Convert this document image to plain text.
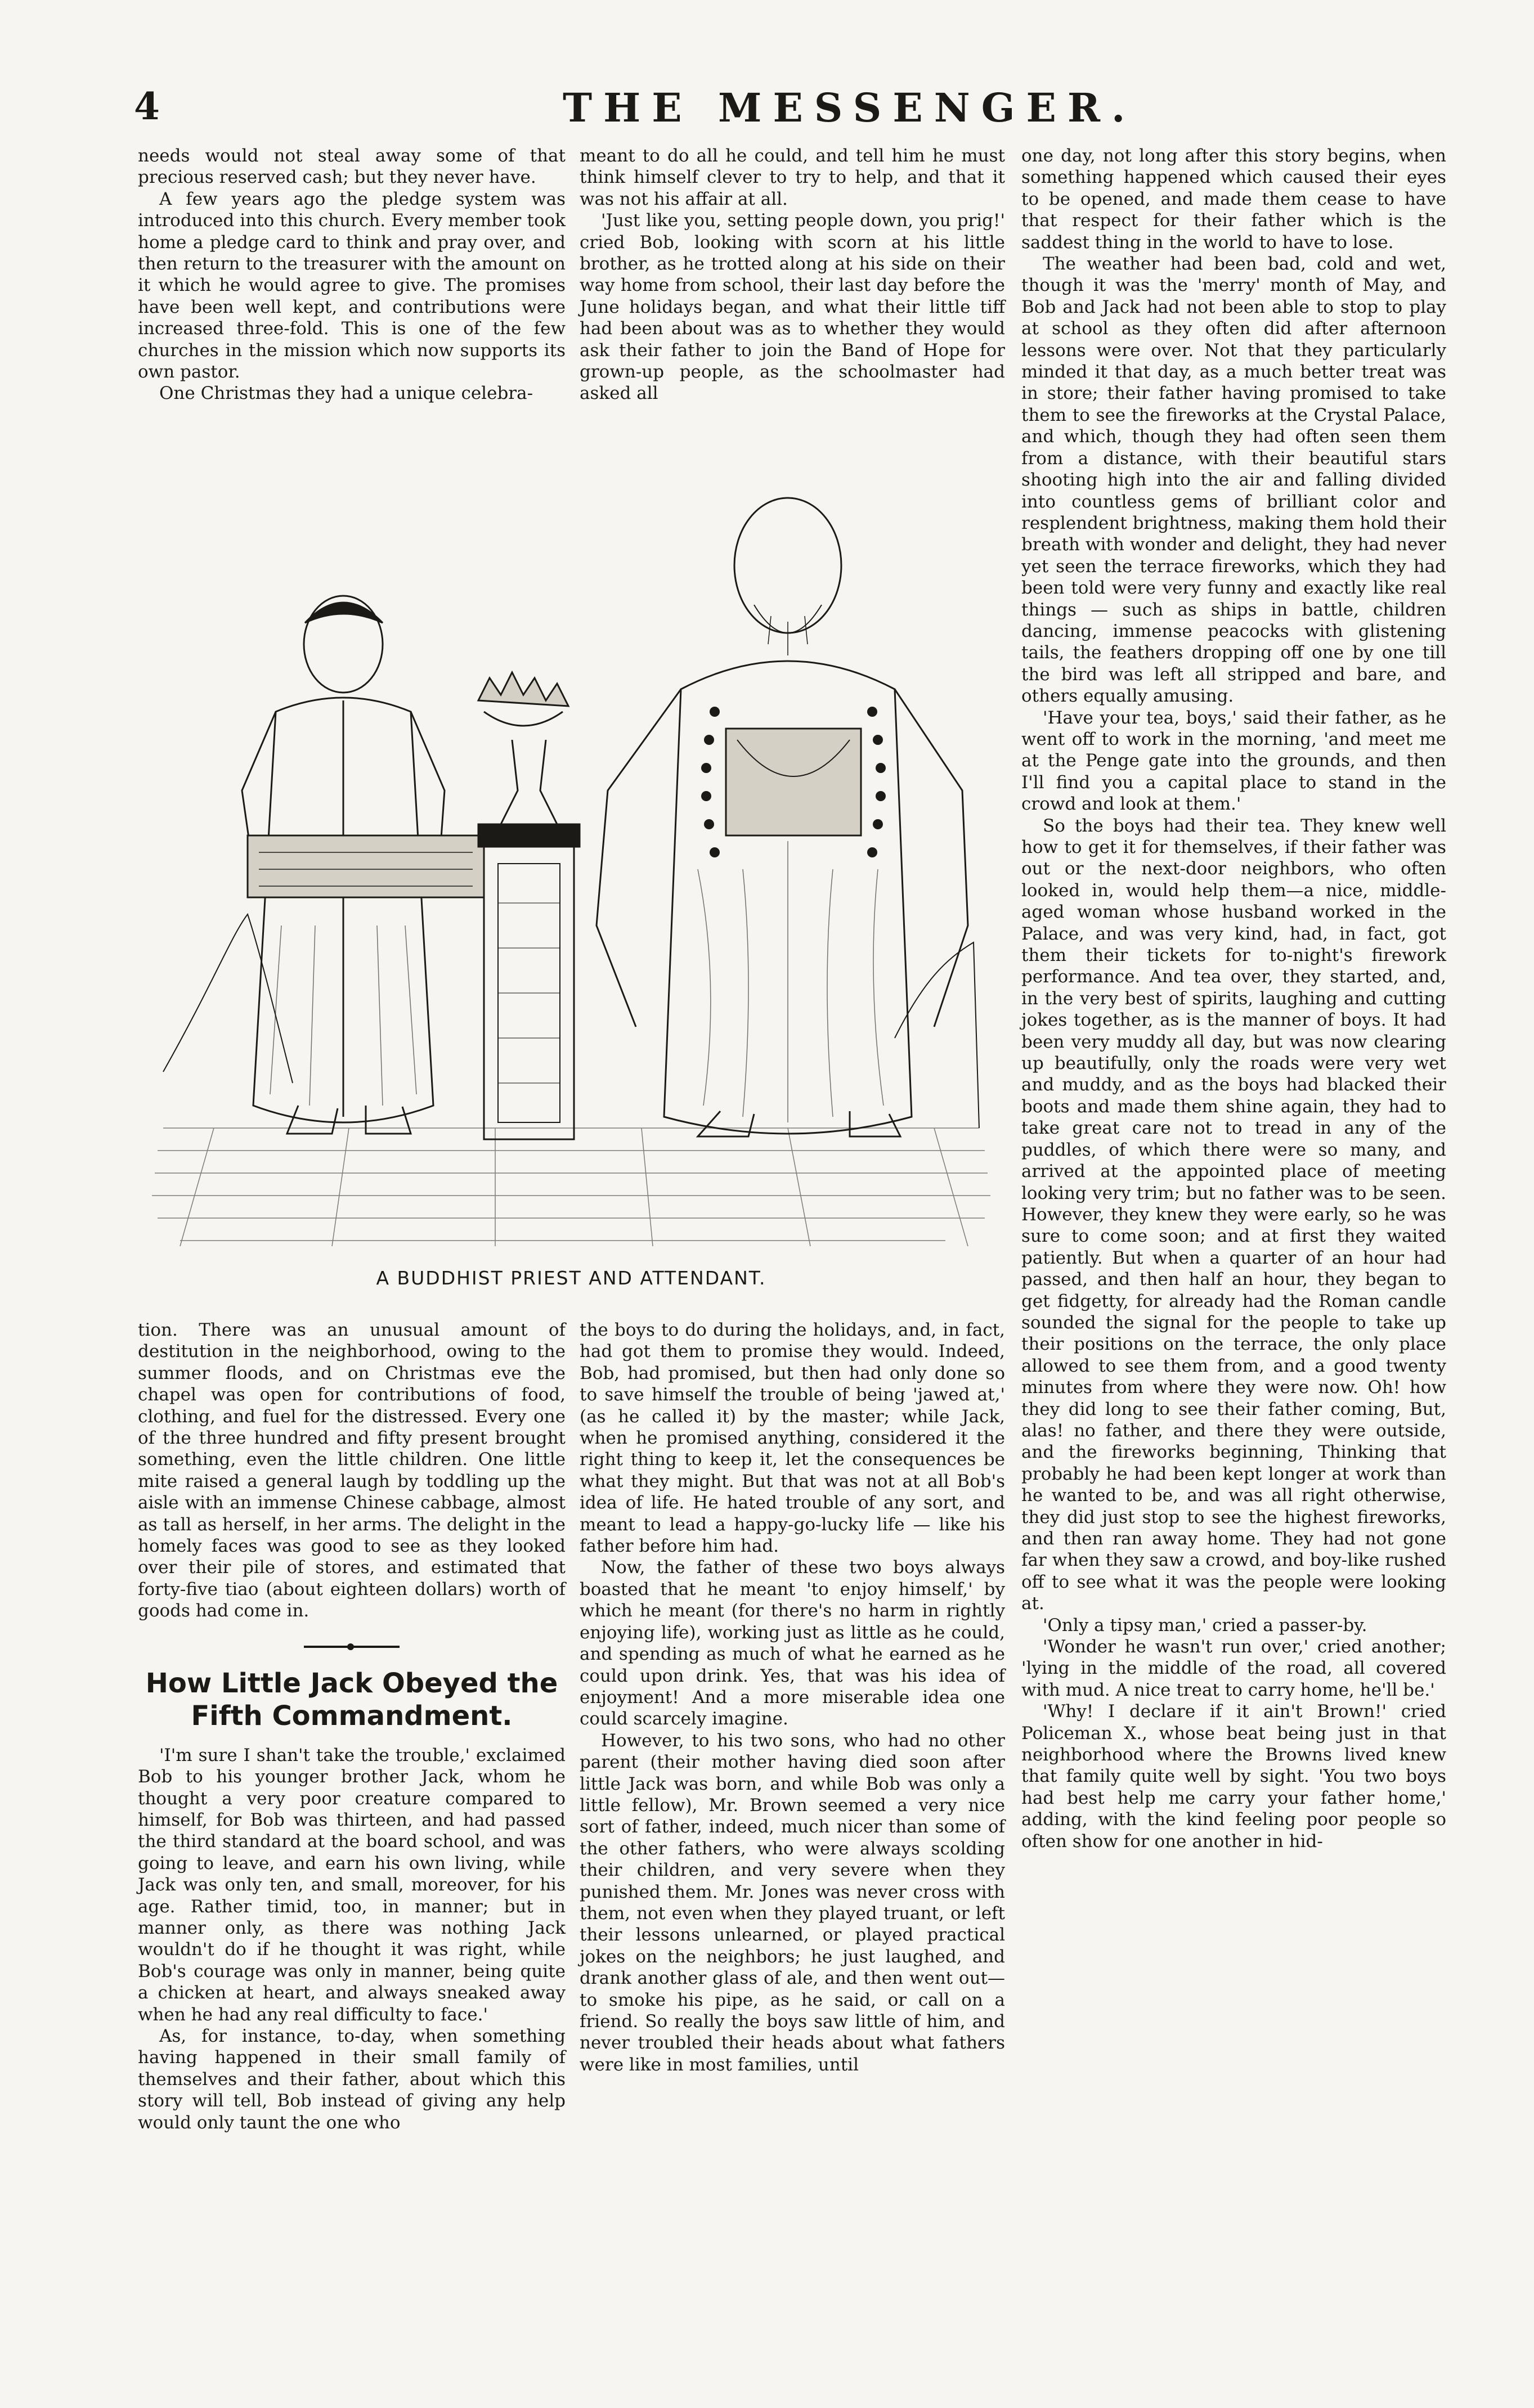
4	THE MESSENGER.

needs would not steal away some of that precious reserved cash; but they never have.

A few years ago the pledge system was introduced into this church. Every member took home a pledge card to think and pray over, and then return to the treasurer with the amount on it which he would agree to give. The promises have been well kept, and contributions were increased three-fold. This is one of the few churches in the mission which now supports its own pastor.

One Christmas they had a unique celebra-

meant to do all he could, and tell him he must think himself clever to try to help, and that it was not his affair at all.

'Just like you, setting people down, you prig!' cried Bob, looking with scorn at his little brother, as he trotted along at his side on their way home from school, their last day before the June holidays began, and what their little tiff had been about was as to whether they would ask their father to join the Band of Hope for grown-up people, as the schoolmaster had asked all

A BUDDHIST PRIEST AND ATTENDANT.

tion. There was an unusual amount of destitution in the neighborhood, owing to the summer floods, and on Christmas eve the chapel was open for contributions of food, clothing, and fuel for the distressed. Every one of the three hundred and fifty present brought something, even the little children. One little mite raised a general laugh by toddling up the aisle with an immense Chinese cabbage, almost as tall as herself, in her arms. The delight in the homely faces was good to see as they looked over their pile of stores, and estimated that forty-five tiao (about eighteen dollars) worth of goods had come in.

How Little Jack Obeyed the Fifth Commandment.

'I'm sure I shan't take the trouble,' exclaimed Bob to his younger brother Jack, whom he thought a very poor creature compared to himself, for Bob was thirteen, and had passed the third standard at the board school, and was going to leave, and earn his own living, while Jack was only ten, and small, moreover, for his age. Rather timid, too, in manner; but in manner only, as there was nothing Jack wouldn't do if he thought it was right, while Bob's courage was only in manner, being quite a chicken at heart, and always sneaked away when he had any real difficulty to face.'

As, for instance, to-day, when something having happened in their small family of themselves and their father, about which this story will tell, Bob instead of giving any help would only taunt the one who

the boys to do during the holidays, and, in fact, had got them to promise they would. Indeed, Bob, had promised, but then had only done so to save himself the trouble of being 'jawed at,' (as he called it) by the master; while Jack, when he promised anything, considered it the right thing to keep it, let the consequences be what they might. But that was not at all Bob's idea of life. He hated trouble of any sort, and meant to lead a happy-go-lucky life — like his father before him had.

Now, the father of these two boys always boasted that he meant 'to enjoy himself,' by which he meant (for there's no harm in rightly enjoying life), working just as little as he could, and spending as much of what he earned as he could upon drink. Yes, that was his idea of enjoyment! And a more miserable idea one could scarcely imagine.

However, to his two sons, who had no other parent (their mother having died soon after little Jack was born, and while Bob was only a little fellow), Mr. Brown seemed a very nice sort of father, indeed, much nicer than some of the other fathers, who were always scolding their children, and very severe when they punished them. Mr. Jones was never cross with them, not even when they played truant, or left their lessons unlearned, or played practical jokes on the neighbors; he just laughed, and drank another glass of ale, and then went out—to smoke his pipe, as he said, or call on a friend. So really the boys saw little of him, and never troubled their heads about what fathers were like in most families, until

one day, not long after this story begins, when something happened which caused their eyes to be opened, and made them cease to have that respect for their father which is the saddest thing in the world to have to lose.

The weather had been bad, cold and wet, though it was the 'merry' month of May, and Bob and Jack had not been able to stop to play at school as they often did after afternoon lessons were over. Not that they particularly minded it that day, as a much better treat was in store; their father having promised to take them to see the fireworks at the Crystal Palace, and which, though they had often seen them from a distance, with their beautiful stars shooting high into the air and falling divided into countless gems of brilliant color and resplendent brightness, making them hold their breath with wonder and delight, they had never yet seen the terrace fireworks, which they had been told were very funny and exactly like real things — such as ships in battle, children dancing, immense peacocks with glistening tails, the feathers dropping off one by one till the bird was left all stripped and bare, and others equally amusing.

'Have your tea, boys,' said their father, as he went off to work in the morning, 'and meet me at the Penge gate into the grounds, and then I'll find you a capital place to stand in the crowd and look at them.'

So the boys had their tea. They knew well how to get it for themselves, if their father was out or the next-door neighbors, who often looked in, would help them—a nice, middle-aged woman whose husband worked in the Palace, and was very kind, had, in fact, got them their tickets for to-night's firework performance. And tea over, they started, and, in the very best of spirits, laughing and cutting jokes together, as is the manner of boys. It had been very muddy all day, but was now clearing up beautifully, only the roads were very wet and muddy, and as the boys had blacked their boots and made them shine again, they had to take great care not to tread in any of the puddles, of which there were so many, and arrived at the appointed place of meeting looking very trim; but no father was to be seen. However, they knew they were early, so he was sure to come soon; and at first they waited patiently. But when a quarter of an hour had passed, and then half an hour, they began to get fidgetty, for already had the Roman candle sounded the signal for the people to take up their positions on the terrace, the only place allowed to see them from, and a good twenty minutes from where they were now. Oh! how they did long to see their father coming, But, alas! no father, and there they were outside, and the fireworks beginning, Thinking that probably he had been kept longer at work than he wanted to be, and was all right otherwise, they did just stop to see the highest fireworks, and then ran away home. They had not gone far when they saw a crowd, and boy-like rushed off to see what it was the people were looking at.

'Only a tipsy man,' cried a passer-by.

'Wonder he wasn't run over,' cried another; 'lying in the middle of the road, all covered with mud. A nice treat to carry home, he'll be.'

'Why! I declare if it ain't Brown!' cried Policeman X., whose beat being just in that neighborhood where the Browns lived knew that family quite well by sight. 'You two boys had best help me carry your father home,' adding, with the kind feeling poor people so often show for one another in hid-
